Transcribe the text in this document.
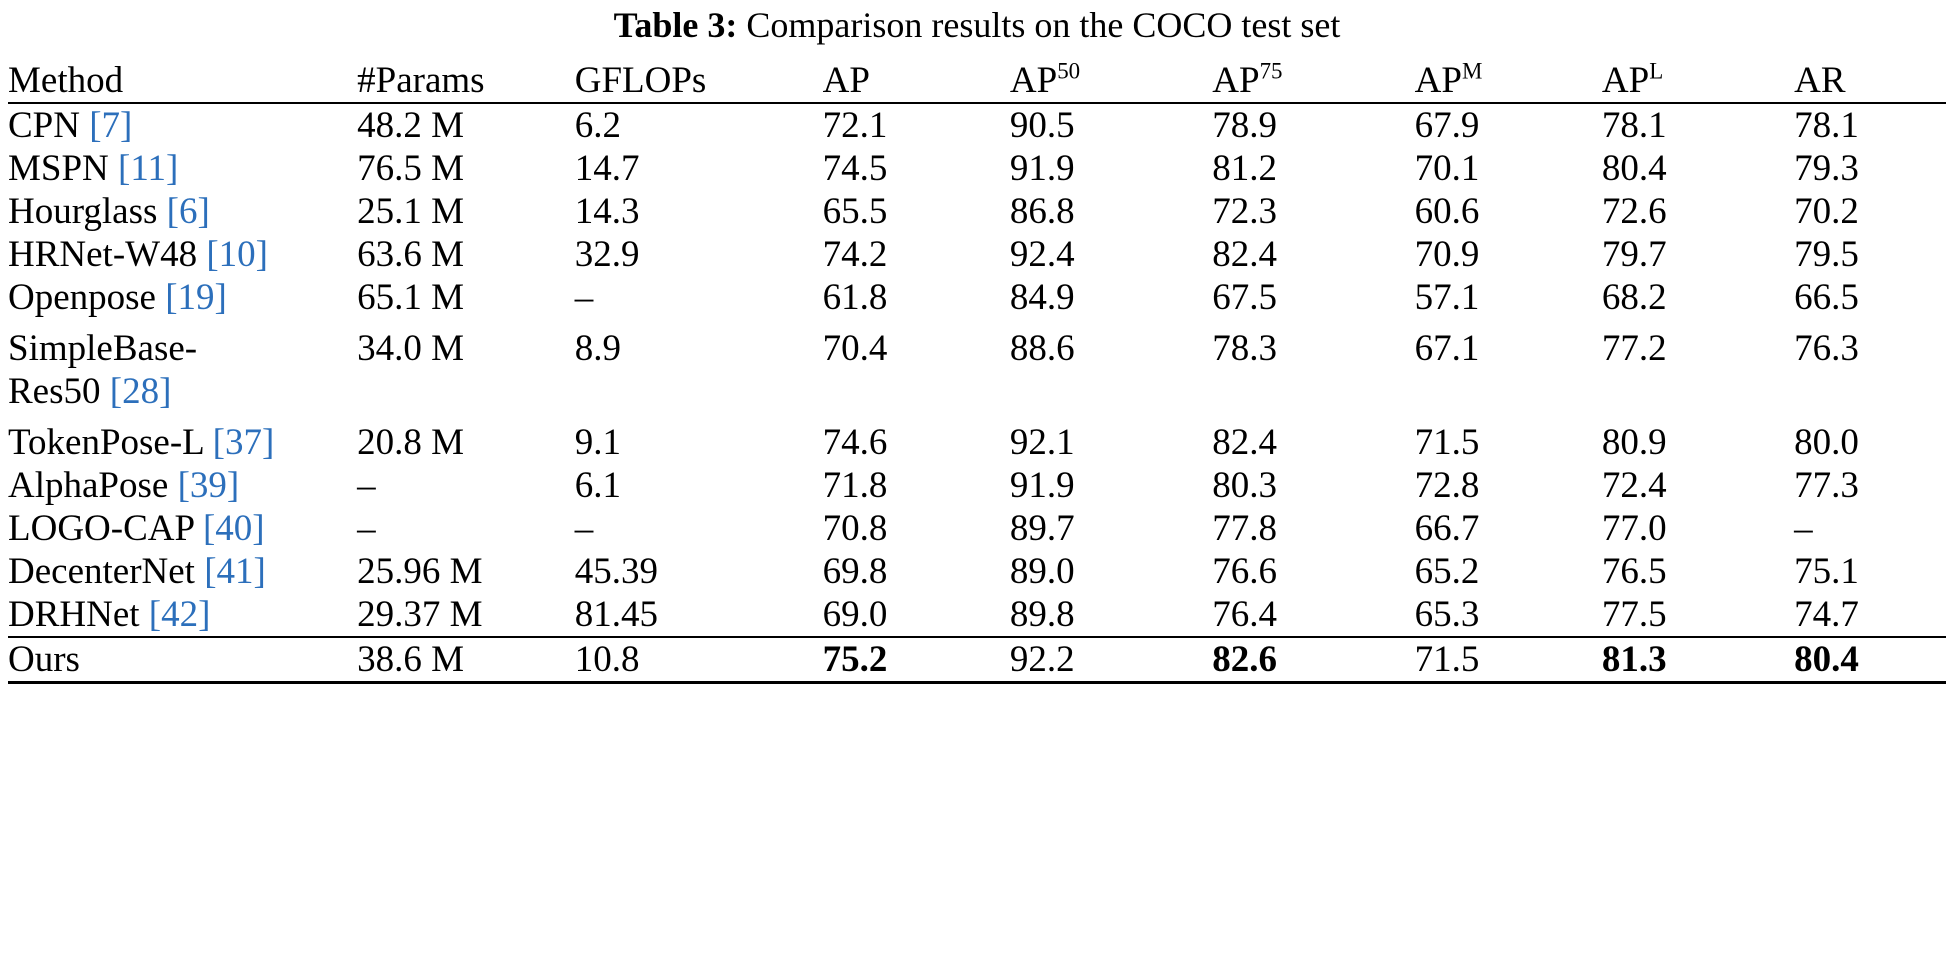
Table 3: Comparison results on the COCO test set
Method	#Params	GFLOPs	AP	AP$^{50}$	AP$^{75}$	$AP^M$	$AP^L$	AR

CPN [7]	48.2 M	6.2	72.1	90.5	78.9	67.9	78.1	78.1
MSPN [11]	76.5 M	14.7	74.5	91.9	81.2	70.1	80.4	79.3
Hourglass [6]	25.1 M	14.3	65.5	86.8	72.3	60.6	72.6	70.2
HRNet-W48 [10]	63.6 M	32.9	74.2	92.4	82.4	70.9	79.7	79.5
Openpose [19]	65.1 M	–	61.8	84.9	67.5	57.1	68.2	66.5

SimpleBase-
Res50 [28]	34.0 M	8.9	70.4	88.6	78.3	67.1	77.2	76.3
TokenPose-L [37]	20.8 M	9.1	74.6	92.1	82.4	71.5	80.9	80.0
AlphaPose [39]	–	6.1	71.8	91.9	80.3	72.8	72.4	77.3
LOGO-CAP [40]	–	–	70.8	89.7	77.8	66.7	77.0	–
DecenterNet [41]	25.96 M	45.39	69.8	89.0	76.6	65.2	76.5	75.1
DRHNet [42]	29.37 M	81.45	69.0	89.8	76.4	65.3	77.5	74.7

Ours	38.6 M	10.8	75.2	92.2	82.6	71.5	81.3	80.4
